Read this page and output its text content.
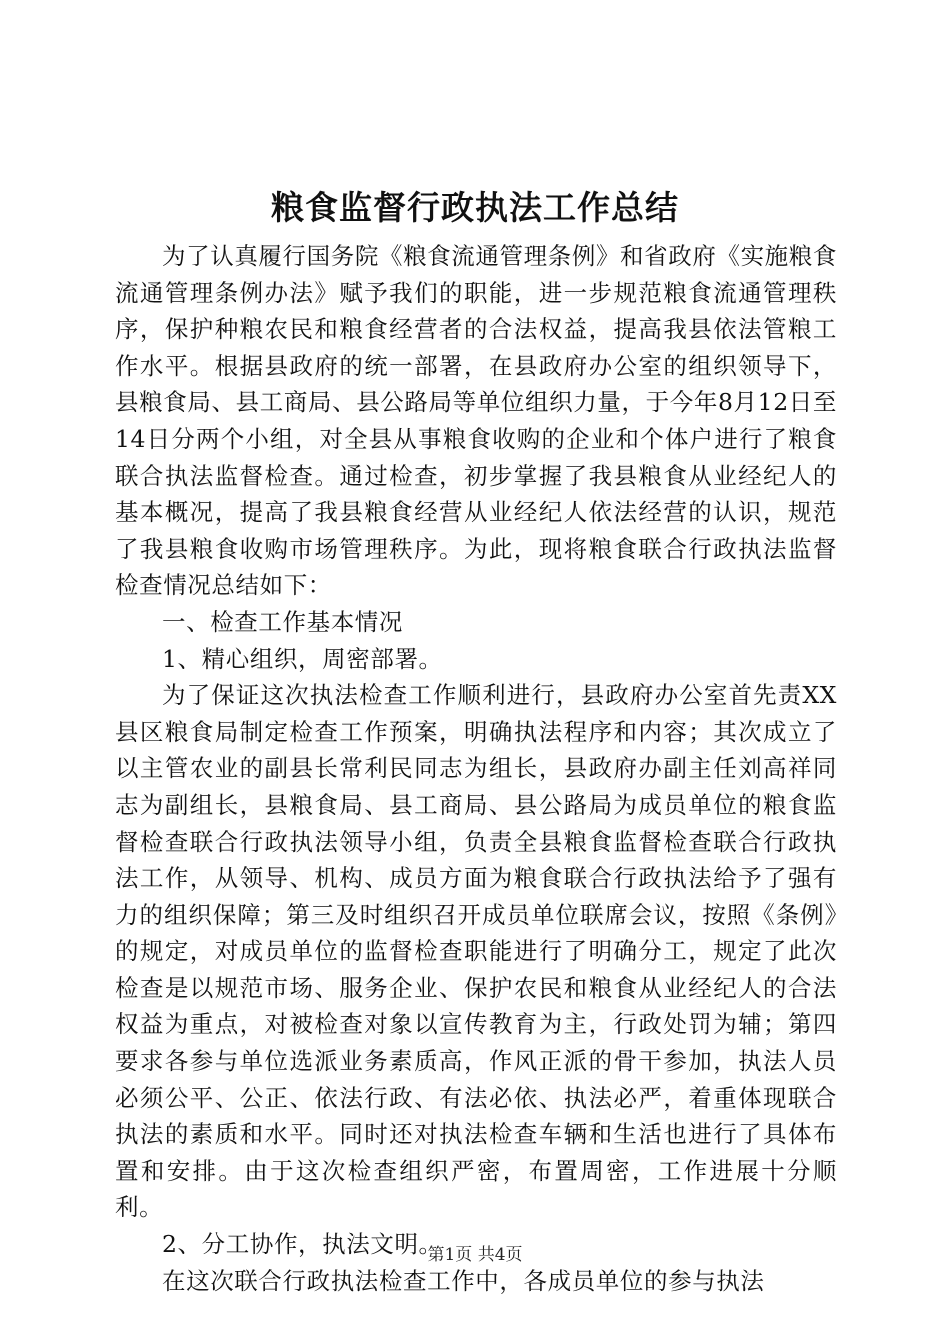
粮食监督行政执法工作总结

为了认真履行国务院《粮食流通管理条例》和省政府《实施粮食流通管理条例办法》赋予我们的职能，进一步规范粮食流通管理秩序，保护种粮农民和粮食经营者的合法权益，提高我县依法管粮工作水平。根据县政府的统一部署，在县政府办公室的组织领导下，县粮食局、县工商局、县公路局等单位组织力量，于今年8月12日至14日分两个小组，对全县从事粮食收购的企业和个体户进行了粮食联合执法监督检查。通过检查，初步掌握了我县粮食从业经纪人的基本概况，提高了我县粮食经营从业经纪人依法经营的认识，规范了我县粮食收购市场管理秩序。为此，现将粮食联合行政执法监督检查情况总结如下：

一、检查工作基本情况

1、精心组织，周密部署。

为了保证这次执法检查工作顺利进行，县政府办公室首先责XX县区粮食局制定检查工作预案，明确执法程序和内容；其次成立了以主管农业的副县长常利民同志为组长，县政府办副主任刘高祥同志为副组长，县粮食局、县工商局、县公路局为成员单位的粮食监督检查联合行政执法领导小组，负责全县粮食监督检查联合行政执法工作，从领导、机构、成员方面为粮食联合行政执法给予了强有力的组织保障；第三及时组织召开成员单位联席会议，按照《条例》的规定，对成员单位的监督检查职能进行了明确分工，规定了此次检查是以规范市场、服务企业、保护农民和粮食从业经纪人的合法权益为重点，对被检查对象以宣传教育为主，行政处罚为辅；第四要求各参与单位选派业务素质高，作风正派的骨干参加，执法人员必须公平、公正、依法行政、有法必依、执法必严，着重体现联合执法的素质和水平。同时还对执法检查车辆和生活也进行了具体布置和安排。由于这次检查组织严密，布置周密，工作进展十分顺利。

2、分工协作，执法文明。

在这次联合行政执法检查工作中，各成员单位的参与执法

第1页 共4页
